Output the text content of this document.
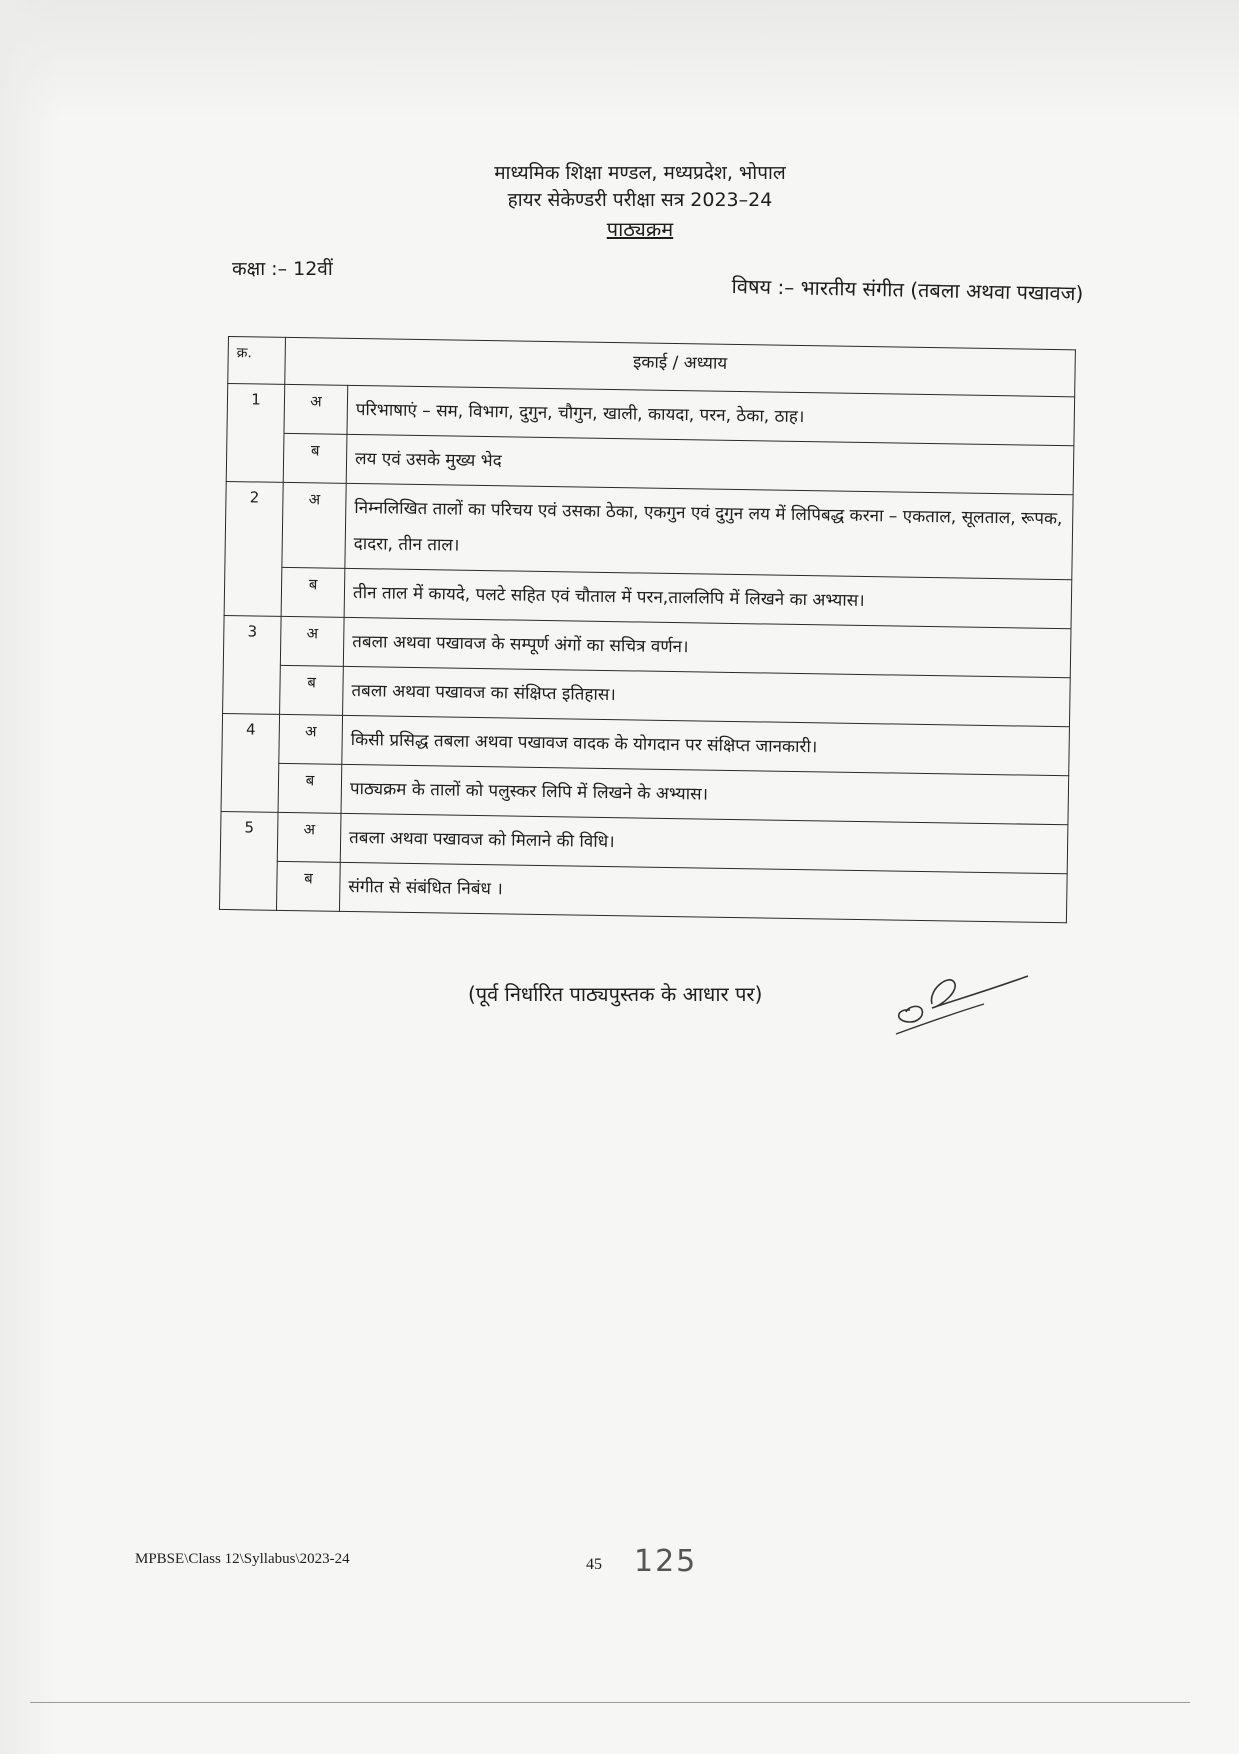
माध्यमिक शिक्षा मण्डल, मध्यप्रदेश, भोपाल
हायर सेकेण्डरी परीक्षा सत्र 2023–24
पाठ्यक्रम
कक्षा :– 12वीं
विषय :– भारतीय संगीत (तबला अथवा पखावज)
क्र.	इकाई / अध्याय	
1	अ	परिभाषाएं – सम, विभाग, दुगुन, चौगुन, खाली, कायदा, परन, ठेका, ठाह।
	ब	लय एवं उसके मुख्य भेद
2	अ	निम्नलिखित तालों का परिचय एवं उसका ठेका, एकगुन एवं दुगुन लय में लिपिबद्ध करना – एकताल, सूलताल, रूपक, दादरा, तीन ताल।
	ब	तीन ताल में कायदे, पलटे सहित एवं चौताल में परन,ताललिपि में लिखने का अभ्यास।
3	अ	तबला अथवा पखावज के सम्पूर्ण अंगों का सचित्र वर्णन।
	ब	तबला अथवा पखावज का संक्षिप्त इतिहास।
4	अ	किसी प्रसिद्ध तबला अथवा पखावज वादक के योगदान पर संक्षिप्त जानकारी।
	ब	पाठ्यक्रम के तालों को पलुस्कर लिपि में लिखने के अभ्यास।
5	अ	तबला अथवा पखावज को मिलाने की विधि।
	ब	संगीत से संबंधित निबंध ।
(पूर्व निर्धारित पाठ्यपुस्तक के आधार पर)
MPBSE\Class 12\Syllabus\2023-24	45 125
